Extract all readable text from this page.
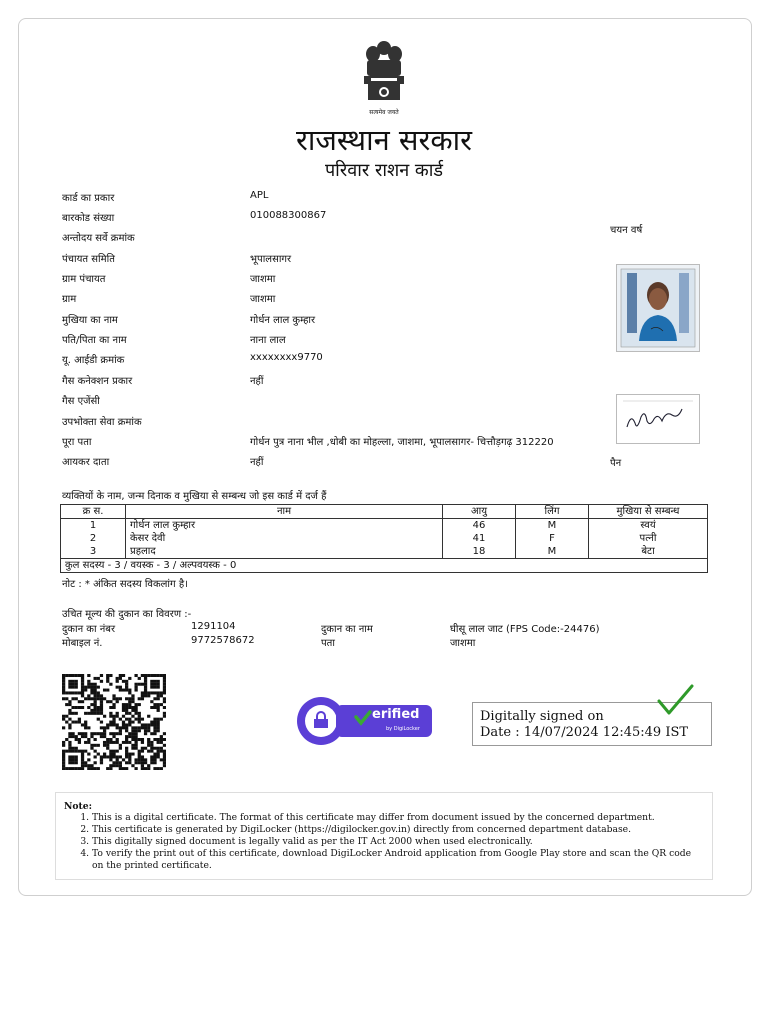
सत्यमेव जयते
राजस्थान सरकार
परिवार राशन कार्ड
कार्ड का प्रकार	APL
बारकोड संख्या	010088300867
अन्तोदय सर्वे क्रमांक
पंचायत समिति	भूपालसागर
ग्राम पंचायत	जाशमा
ग्राम	जाशमा
मुखिया का नाम	गोर्धन लाल कुम्हार
पति/पिता का नाम	नाना लाल
यू. आईडी क्रमांक	xxxxxxxx9770
गैस कनेक्शन प्रकार	नहीं
गैस एजेंसी
उपभोक्ता सेवा क्रमांक
पूरा पता	गोर्धन पुत्र नाना भील ,धोबी का मोहल्ला, जाशमा, भूपालसागर- चित्तौड़गढ़ 312220
आयकर दाता	नहीं
चयन वर्ष
पैन
व्यक्तियों के नाम, जन्म दिनाक व मुखिया से सम्बन्ध जो इस कार्ड में दर्ज हैं
क्र स.	नाम	आयु	लिंग	मुखिया से सम्बन्ध
1	गोर्धन लाल कुम्हार	46	M	स्वयं
2	केसर देवी	41	F	पत्नी
3	प्रहलाद	18	M	बेटा
कुल सदस्य - 3 / वयस्क - 3 / अल्पवयस्क - 0				
नोट : * अंकित सदस्य विकलांग है।
उचित मूल्य की दुकान का विवरण :-
दुकान का नंबर	1291104	दुकान का नाम	घीसू लाल जाट (FPS Code:-24476)
मोबाइल नं.	9772578672	पता	जाशमा
erified
by DigiLocker
Digitally signed on
Date : 14/07/2024 12:45:49 IST
Note:
1. This is a digital certificate. The format of this certificate may differ from document issued by the concerned department.
2. This certificate is generated by DigiLocker (https://digilocker.gov.in) directly from concerned department database.
3. This digitally signed document is legally valid as per the IT Act 2000 when used electronically.
4. To verify the print out of this certificate, download DigiLocker Android application from Google Play store and scan the QR code on the printed certificate.
